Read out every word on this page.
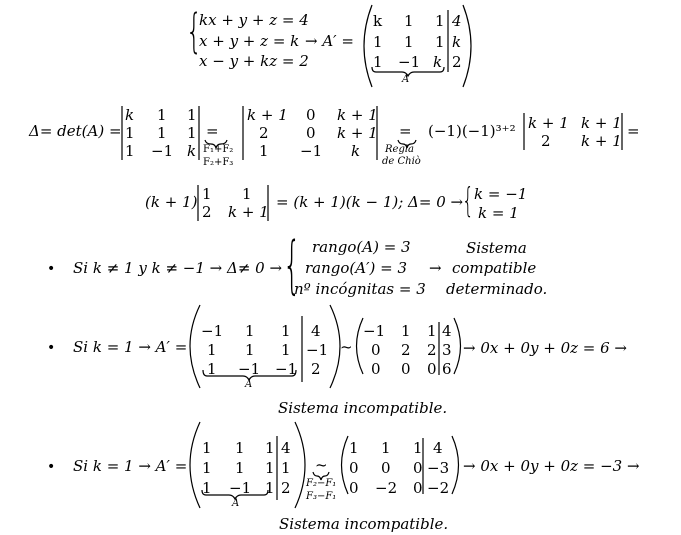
{
kx + y + z = 4
x + y + z = k
x − y + kz = 2
→ A′ =
k 1 1 4
1 1 1 k
1 −1 k 2
A
Δ= det(A) =
k 1 1
1 1 1
1 −1 k
=
F₁+F₂
F₂+F₃
k + 1 0 k + 1
2 0 k + 1
1 −1 k
=
Regla
de Chiò
(−1)(−1)³⁺² k + 1 k + 1
2 k + 1
=
(k + 1) 1 1
2 k + 1
= (k + 1)(k − 1); Δ= 0 →
{ k = −1
k = 1
• Si k ≠ 1 y k ≠ −1 → Δ≠ 0 → { rango(A) = 3
rango(A′) = 3
nº incógnitas = 3
→
Sistema
compatible
determinado.
• Si k = 1 → A′ =
−1 1 1 4
1 1 1 −1
1 −1 −1 2
A
~
−1 1 1 4
0 2 2 3
0 0 0 6
→ 0x + 0y + 0z = 6 →
Sistema incompatible.
• Si k = 1 → A′ =
1 1 1 4
1 1 1 1
1 −1 1 2
A
~
F₂−F₁
F₃−F₁
1 1 1 4
0 0 0 −3
0 −2 0 −2
→ 0x + 0y + 0z = −3 →
Sistema incompatible.
